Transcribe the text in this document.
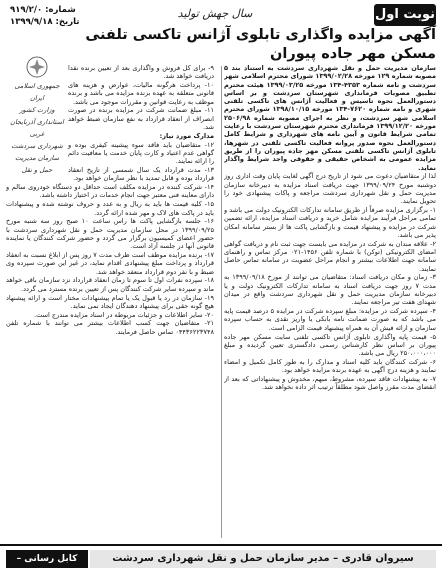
نوبت اول
سال جهش تولید
شماره: ۹۱۹/۲/۰
تاریخ: ۱۳۹۹/۹/۱۸
آگهی مزایده واگذاری تابلوی آژانس تاکسی تلفنی
مسکن مهر جاده پیوران

سازمان مدیریت حمل و نقل شهرداری سردشت به استناد بند ۵ مصوبه شماره ۱۲۹ مورخه ۱۳۹۹/۰۲/۲۸ شورای محترم اسلامی شهر سردشت و نامه شماره ۴۳۵۳-۱۳۴ مورخه ۱۳۹۹/۰۳/۲۵ هیئت محترم تطبیق مصوبات فرمانداری شهرستان سردشت و بر اساس دستورالعمل نحوه تاسیس و فعالیت آژانس های تاکسی تلفنی شهری و نامه شماره ۷۶۲۰-۱۳۴ مورخه ۱۳۹۸/۱۰/۱۵ شورای محترم اسلامی شهر سردشت، و نظر به اجرای مصوبه شماره ۲۵۰۶/۹۸ مورخه ۱۳۹۹/۱۲/۲۰ فرمانداری محترم شهرستان سردشت با رعایت تمامی شرایط قانون و آیین نامه های شهرداری و شرایط کامل دستورالعمل نحوه صدور پروانه فعالیت تاکسی تلفنی در شهرها، تابلوی آژانس تاکسی تلفنی مسکن مهر جاده پیوران را از طریق مزایده عمومی به اشخاص حقیقی و حقوقی واجد شرایط واگذار نماید.

لذا از متقاضیان دعوت می شود از تاریخ درج آگهی لغایت پایان وقت اداری روز دوشنبه مورخ ۱۳۹۹/۰۹/۲۴ جهت دریافت اسناد مزایده به دبیرخانه سازمان مدیریت حمل و نقل شهرداری سردشت مراجعه و پاکات پیشنهادی خود را تحویل نمایند.

۱- برگزاری مزایده صرفاً از طریق سامانه تدارکات الکترونیک دولت می باشد و تمامی مراحل فرآیند مزایده شامل خرید و دریافت اسناد مزایده، ارائه تضمین شرکت در مزایده و پیشنهاد قیمت و بازگشایی پاکت ها از بستر سامانه امکان پذیر می باشد.

۲- علاقه مندان به شرکت در مزایده می بایست جهت ثبت نام و دریافت گواهی امضای الکترونیکی (توکن) با شماره تلفن ۱۴۵۶-۰۲۱ مرکز تماس و راهنمای سامانه جهت اطلاعات بیشتر و انجام مراحل عضویت در سامانه تماس حاصل نمایند.

۳- زمان و مکان دریافت اسناد: متقاضیان می توانند از مورخ ۱۳۹۹/۰۹/۱۸ به مدت ۷ روز جهت دریافت اسناد به سامانه تدارکات الکترونیک دولت و یا دبیرخانه سازمان مدیریت حمل و نقل شهرداری سردشت واقع در میدان شهدای هفت تیر مراجعه نمایند.

۴- سپرده شرکت در مزایده: مبلغ سپرده شرکت در مزایده ۵ درصد قیمت پایه می باشد که به صورت ضمانت نامه بانکی یا واریز نقدی به حساب سپرده سازمان و ارائه فیش آن به همراه پیشنهاد قیمت الزامی است.

۵- قیمت پایه واگذاری تابلوی آژانس تاکسی تلفنی سایت مسکن مهر جاده پیوران بر اساس نظر کارشناس رسمی دادگستری تعیین گردیده و مبلغ ۲۵۰،۰۰۰،۰۰۰ ریال می باشد.

۶- شرکت کنندگان باید کلیه اسناد و مدارک را به طور کامل تکمیل و امضاء نمایند و هزینه درج آگهی به عهده برنده مزایده خواهد بود.

۷- به پیشنهادات فاقد سپرده، مشروط، مبهم، مخدوش و پیشنهاداتی که بعد از انقضای مدت مقرر واصل شود مطلقاً ترتیب اثر داده نخواهد شد.

۹- برای کل فروش و واگذاری بعد از تعیین برنده نقدا دریافت خواهد شد.

۱۰- پرداخت هرگونه مالیات، عوارض و هزینه های قانونی متعلقه به عهده برنده مزایده می باشد و برنده موظف به رعایت قوانین و مقررات موجود می باشد.

۱۱- مبلغ ضمانت شرکت در مزایده برنده در صورت انصراف از انعقاد قرارداد به نفع سازمان ضبط خواهد شد.

مدارک مورد نیاز:

۱۲- متقاضیان باید فاقد سوء پیشینه کیفری بوده و گواهی عدم اعتیاد و کارت پایان خدمت یا معافیت دائم را ارائه نمایند.

۱۳- مدت قرارداد یک سال شمسی از تاریخ انعقاد قرارداد بوده و قابل تمدید با نظر سازمان خواهد بود.

۱۴- شرکت کننده در مزایده مکلف است حداقل دو دستگاه خودروی سالم و دارای معاینه فنی معتبر جهت انجام خدمات در اختیار داشته باشد.

۱۵- کلیه قیمت ها باید به ریال و به عدد و حروف نوشته شده و پیشنهادات باید در پاکت های لاک و مهر شده ارائه گردد.

۱۶- جلسه بازگشایی پاکت ها راس ساعت ۱۰ صبح روز سه شنبه مورخ ۱۳۹۹/۰۹/۲۵ در محل سازمان مدیریت حمل و نقل شهرداری سردشت با حضور اعضای کمیسیون برگزار می گردد و حضور شرکت کنندگان یا نماینده قانونی آنها در جلسه آزاد است.

۱۷- برنده مزایده موظف است ظرف مدت ۷ روز پس از ابلاغ نسبت به انعقاد قرارداد و پرداخت مبلغ پیشنهادی اقدام نماید، در غیر این صورت سپرده وی ضبط و با نفر دوم قرارداد منعقد خواهد شد.

۱۸- سپرده نفرات اول تا سوم تا زمان انعقاد قرارداد نزد سازمان باقی خواهد ماند و سپرده سایر شرکت کنندگان پس از تعیین برنده مسترد می گردد.

۱۹- سازمان در رد یا قبول یک یا تمام پیشنهادات مختار است و ارائه پیشنهاد هیچ گونه حقی برای پیشنهاد دهندگان ایجاد نمی نماید.

۲۰- سایر اطلاعات و جزئیات مربوطه در اسناد مزایده مندرج است.

۲۱- متقاضیان جهت کسب اطلاعات بیشتر می توانند با شماره تلفن ۰۴۴۳۶۲۲۳۷۴۸ تماس حاصل فرمایند.

جمهوری اسلامی ایران
وزارت کشور
استانداری آذربایجان غربی
شهرداری سردشت
سازمان مدیریت حمل و نقل
سیروان قادری – مدیر سازمان حمل و نقل شهرداری سردشت
کابل رسانی – شهردار سردشت
